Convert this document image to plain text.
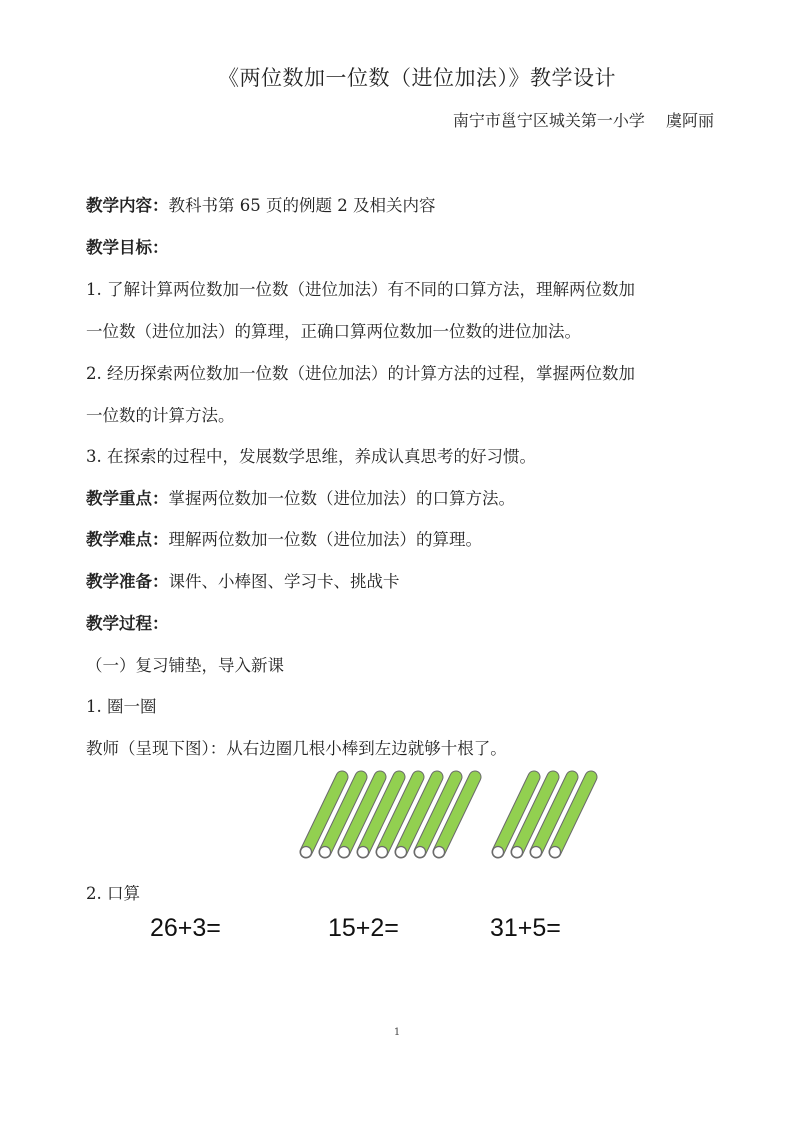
《两位数加一位数（进位加法）》教学设计
南宁市邕宁区城关第一小学　 虞阿丽
教学内容：教科书第 65 页的例题 2 及相关内容
教学目标：
1. 了解计算两位数加一位数（进位加法）有不同的口算方法，理解两位数加
一位数（进位加法）的算理，正确口算两位数加一位数的进位加法。
2. 经历探索两位数加一位数（进位加法）的计算方法的过程，掌握两位数加
一位数的计算方法。
3. 在探索的过程中，发展数学思维，养成认真思考的好习惯。
教学重点：掌握两位数加一位数（进位加法）的口算方法。
教学难点：理解两位数加一位数（进位加法）的算理。
教学准备：课件、小棒图、学习卡、挑战卡
教学过程：
（一）复习铺垫，导入新课
1. 圈一圈
教师（呈现下图）：从右边圈几根小棒到左边就够十根了。
2. 口算
26+3=	15+2=	31+5=
1
